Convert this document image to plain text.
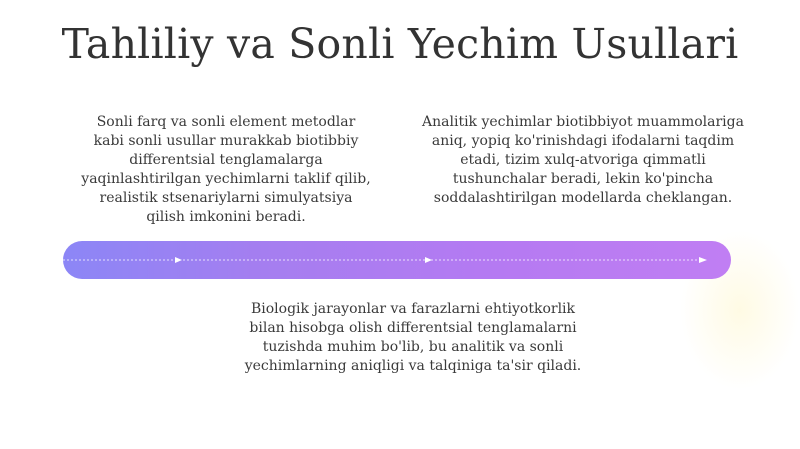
Tahliliy va Sonli Yechim Usullari
Sonli farq va sonli element metodlar kabi sonli usullar murakkab biotibbiy differentsial tenglamalarga yaqinlashtirilgan yechimlarni taklif qilib, realistik stsenariylarni simulyatsiya qilish imkonini beradi.
Analitik yechimlar biotibbiyot muammolariga aniq, yopiq ko'rinishdagi ifodalarni taqdim etadi, tizim xulq-atvoriga qimmatli tushunchalar beradi, lekin ko'pincha soddalashtirilgan modellarda cheklangan.
Biologik jarayonlar va farazlarni ehtiyotkorlik bilan hisobga olish differentsial tenglamalarni tuzishda muhim bo'lib, bu analitik va sonli yechimlarning aniqligi va talqiniga ta'sir qiladi.
